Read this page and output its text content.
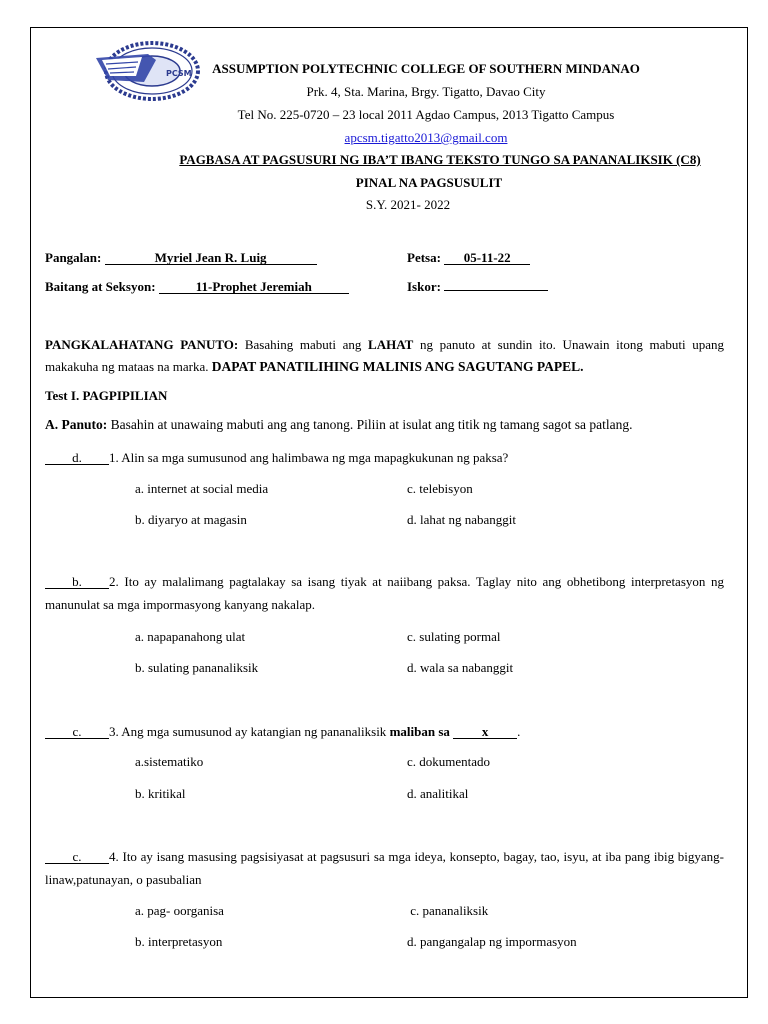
PCSM	ASSUMPTION POLYTECHNIC COLLEGE OF SOUTHERN MINDANAO
Prk. 4, Sta. Marina, Brgy. Tigatto, Davao City
Tel No. 225-0720 – 23 local 2011 Agdao Campus, 2013 Tigatto Campus
apcsm.tigatto2013@gmail.com
PAGBASA AT PAGSUSURI NG IBA’T IBANG TEKSTO TUNGO SA PANANALIKSIK (C8)
PINAL NA PAGSUSULIT
S.Y. 2021- 2022
Pangalan:	Myriel Jean R. Luig	Petsa: 05-11-22
Baitang at Seksyon:	11-Prophet Jeremiah	Iskor:
PANGKALAHATANG PANUTO: Basahing mabuti ang LAHAT ng panuto at sundin ito. Unawain itong mabuti upang makakuha ng mataas na marka. DAPAT PANATILIHING MALINIS ANG SAGUTANG PAPEL.
Test I. PAGPIPILIAN
A. Panuto: Basahin at unawaing mabuti ang ang tanong. Piliin at isulat ang titik ng tamang sagot sa patlang.
d. 1. Alin sa mga sumusunod ang halimbawa ng mga mapagkukunan ng paksa?
a. internet at social media	c. telebisyon
b. diyaryo at magasin	d. lahat ng nabanggit
b. 2. Ito ay malalimang pagtalakay sa isang tiyak at naiibang paksa. Taglay nito ang obhetibong interpretasyon ng manunulat sa mga impormasyong kanyang nakalap.
a. napapanahong ulat	c. sulating pormal
b. sulating pananaliksik	d. wala sa nabanggit
c. 3. Ang mga sumusunod ay katangian ng pananaliksik maliban sa x .
a.sistematiko	c. dokumentado
b. kritikal	d. analitikal
c. 4. Ito ay isang masusing pagsisiyasat at pagsusuri sa mga ideya, konsepto, bagay, tao, isyu, at iba pang ibig bigyang- linaw,patunayan, o pasubalian
a. pag- oorganisa	c. pananaliksik
b. interpretasyon	d. pangangalap ng impormasyon
